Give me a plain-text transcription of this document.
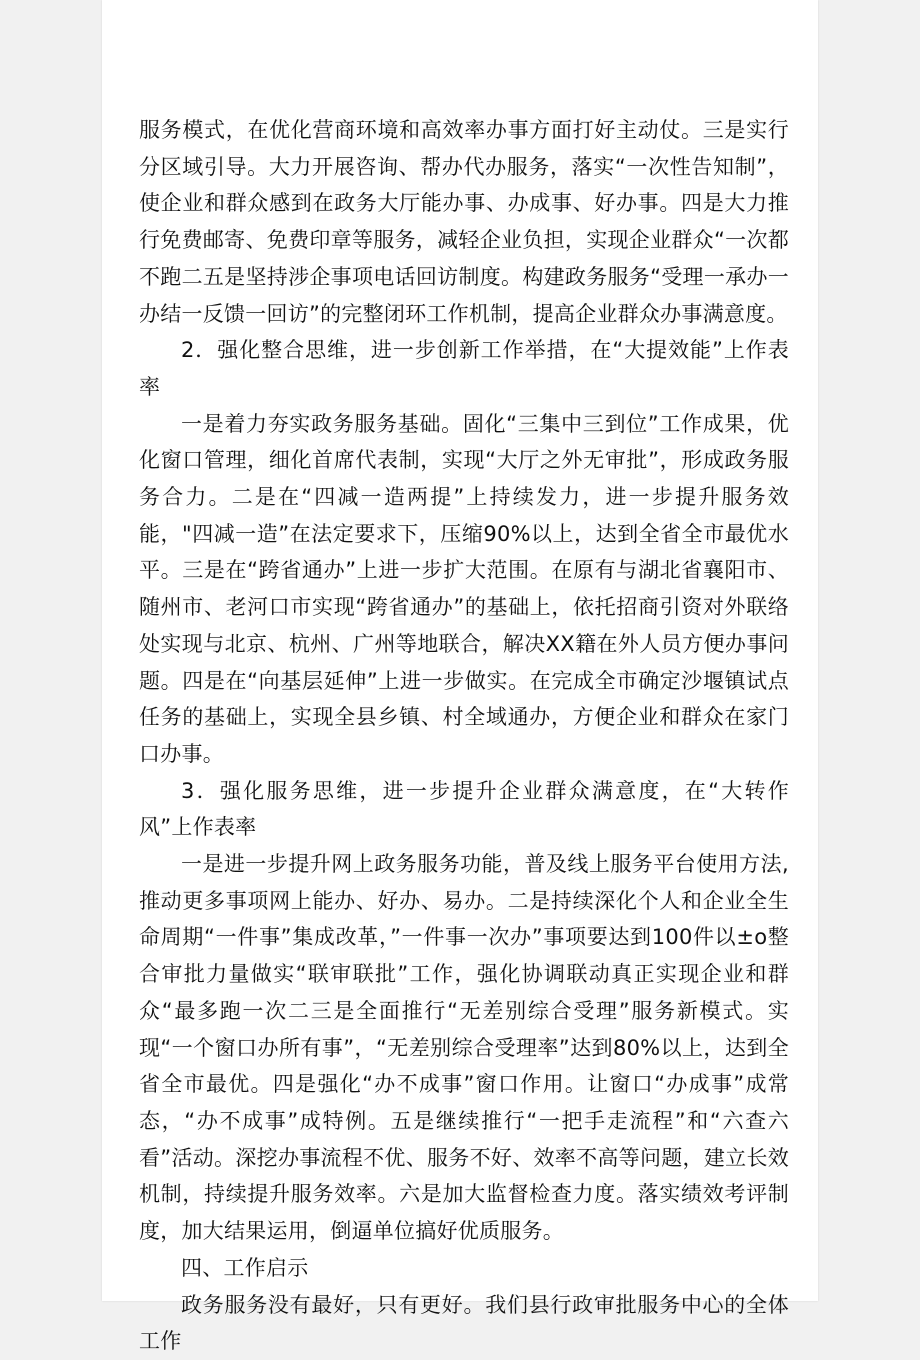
服务模式，在优化营商环境和高效率办事方面打好主动仗。三是实行分区域引导。大力开展咨询、帮办代办服务，落实“一次性告知制”，使企业和群众感到在政务大厅能办事、办成事、好办事。四是大力推行免费邮寄、免费印章等服务，减轻企业负担，实现企业群众“一次都不跑二五是坚持涉企事项电话回访制度。构建政务服务“受理一承办一办结一反馈一回访”的完整闭环工作机制，提高企业群众办事满意度。

2．强化整合思维，进一步创新工作举措，在“大提效能”上作表率

一是着力夯实政务服务基础。固化“三集中三到位”工作成果，优化窗口管理，细化首席代表制，实现“大厅之外无审批”，形成政务服务合力。二是在“四减一造两提”上持续发力，进一步提升服务效能，"四减一造”在法定要求下，压缩90%以上，达到全省全市最优水平。三是在“跨省通办”上进一步扩大范围。在原有与湖北省襄阳市、随州市、老河口市实现“跨省通办”的基础上，依托招商引资对外联络处实现与北京、杭州、广州等地联合，解决XX籍在外人员方便办事问题。四是在“向基层延伸”上进一步做实。在完成全市确定沙堰镇试点任务的基础上，实现全县乡镇、村全域通办，方便企业和群众在家门口办事。

3．强化服务思维，进一步提升企业群众满意度，在“大转作风”上作表率

一是进一步提升网上政务服务功能，普及线上服务平台使用方法,推动更多事项网上能办、好办、易办。二是持续深化个人和企业全生命周期“一件事”集成改革，”一件事一次办”事项要达到100件以±o整合审批力量做实“联审联批”工作，强化协调联动真正实现企业和群众“最多跑一次二三是全面推行“无差别综合受理”服务新模式。实现“一个窗口办所有事”，“无差别综合受理率”达到80%以上，达到全省全市最优。四是强化“办不成事”窗口作用。让窗口“办成事”成常态，“办不成事”成特例。五是继续推行“一把手走流程”和“六查六看”活动。深挖办事流程不优、服务不好、效率不高等问题，建立长效机制，持续提升服务效率。六是加大监督检查力度。落实绩效考评制度，加大结果运用，倒逼单位搞好优质服务。

四、工作启示

政务服务没有最好，只有更好。我们县行政审批服务中心的全体工作
